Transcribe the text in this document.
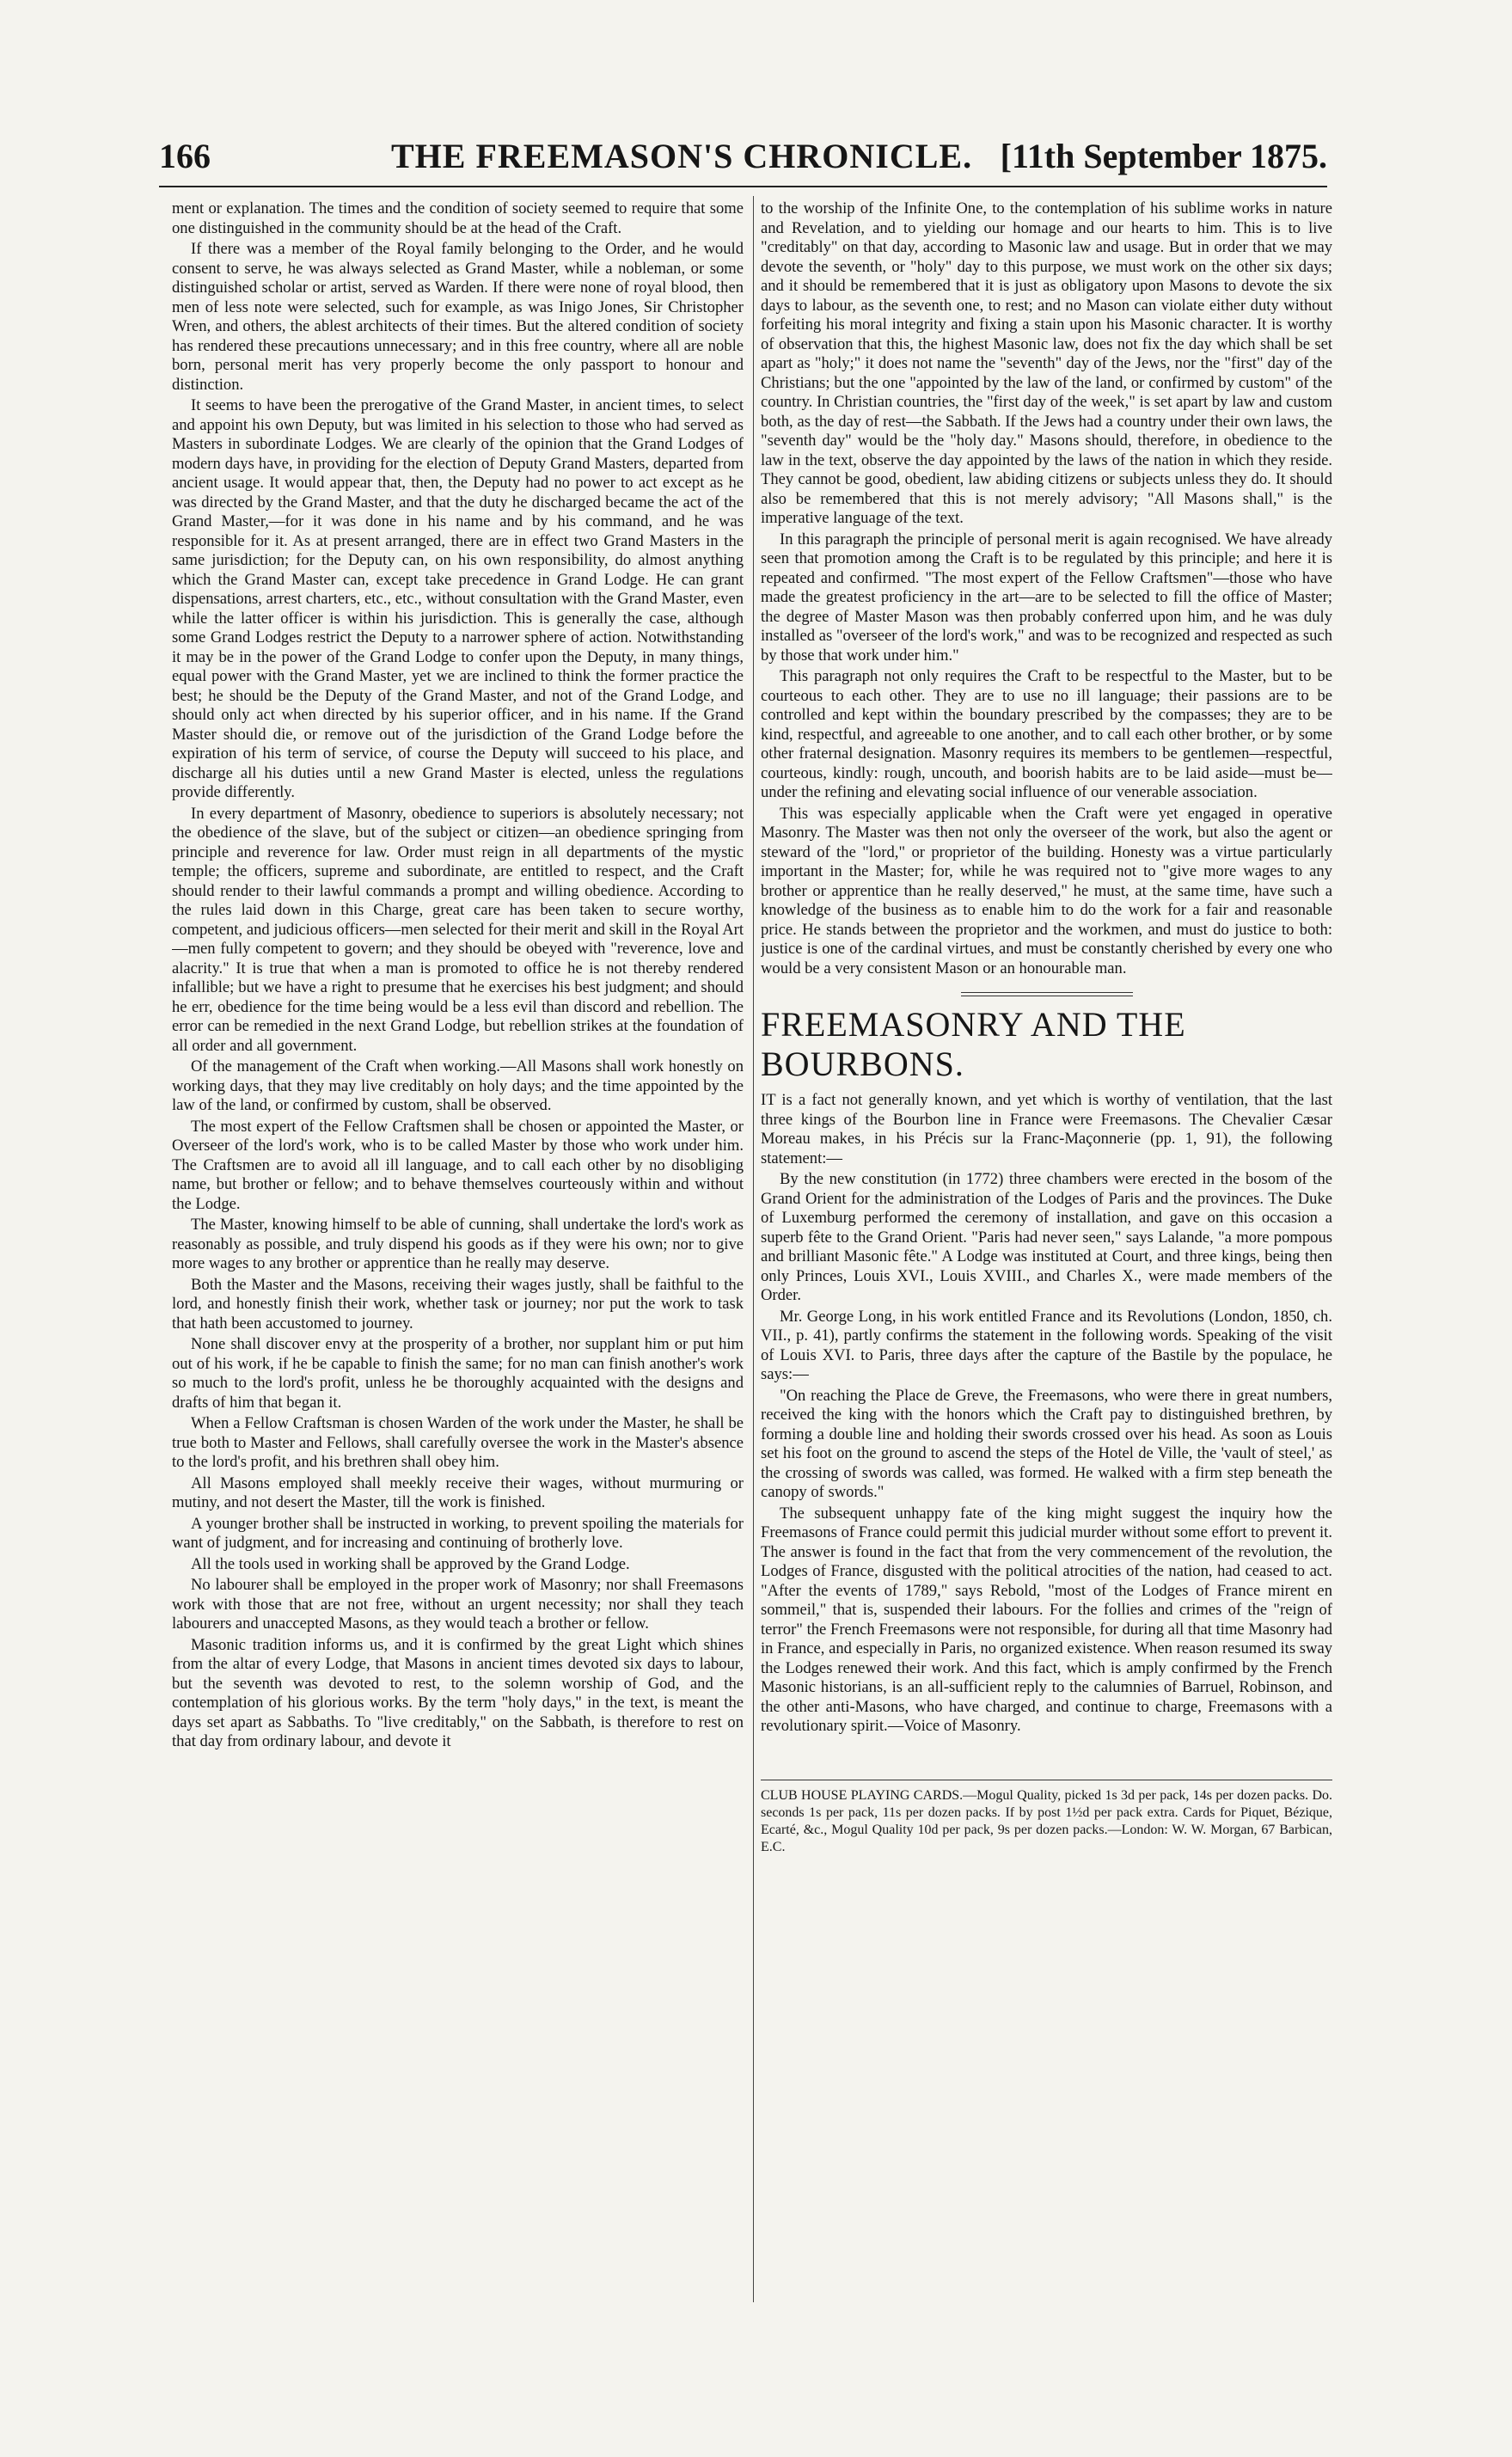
166	THE FREEMASON'S CHRONICLE. [11th September 1875.

ment or explanation. The times and the condition of society seemed to require that some one distinguished in the community should be at the head of the Craft.

If there was a member of the Royal family belonging to the Order, and he would consent to serve, he was always selected as Grand Master, while a nobleman, or some distinguished scholar or artist, served as Warden. If there were none of royal blood, then men of less note were selected, such for example, as was Inigo Jones, Sir Christopher Wren, and others, the ablest architects of their times. But the altered condition of society has rendered these precautions unnecessary; and in this free country, where all are noble born, personal merit has very properly become the only passport to honour and distinction.

It seems to have been the prerogative of the Grand Master, in ancient times, to select and appoint his own Deputy, but was limited in his selection to those who had served as Masters in subordinate Lodges. We are clearly of the opinion that the Grand Lodges of modern days have, in providing for the election of Deputy Grand Masters, departed from ancient usage. It would appear that, then, the Deputy had no power to act except as he was directed by the Grand Master, and that the duty he discharged became the act of the Grand Master,—for it was done in his name and by his command, and he was responsible for it. As at present arranged, there are in effect two Grand Masters in the same jurisdiction; for the Deputy can, on his own responsibility, do almost anything which the Grand Master can, except take precedence in Grand Lodge. He can grant dispensations, arrest charters, etc., etc., without consultation with the Grand Master, even while the latter officer is within his jurisdiction. This is generally the case, although some Grand Lodges restrict the Deputy to a narrower sphere of action. Notwithstanding it may be in the power of the Grand Lodge to confer upon the Deputy, in many things, equal power with the Grand Master, yet we are inclined to think the former practice the best; he should be the Deputy of the Grand Master, and not of the Grand Lodge, and should only act when directed by his superior officer, and in his name. If the Grand Master should die, or remove out of the jurisdiction of the Grand Lodge before the expiration of his term of service, of course the Deputy will succeed to his place, and discharge all his duties until a new Grand Master is elected, unless the regulations provide differently.

In every department of Masonry, obedience to superiors is absolutely necessary; not the obedience of the slave, but of the subject or citizen—an obedience springing from principle and reverence for law. Order must reign in all departments of the mystic temple; the officers, supreme and subordinate, are entitled to respect, and the Craft should render to their lawful commands a prompt and willing obedience. According to the rules laid down in this Charge, great care has been taken to secure worthy, competent, and judicious officers—men selected for their merit and skill in the Royal Art—men fully competent to govern; and they should be obeyed with "reverence, love and alacrity." It is true that when a man is promoted to office he is not thereby rendered infallible; but we have a right to presume that he exercises his best judgment; and should he err, obedience for the time being would be a less evil than discord and rebellion. The error can be remedied in the next Grand Lodge, but rebellion strikes at the foundation of all order and all government.

Of the management of the Craft when working.—All Masons shall work honestly on working days, that they may live creditably on holy days; and the time appointed by the law of the land, or confirmed by custom, shall be observed.

The most expert of the Fellow Craftsmen shall be chosen or appointed the Master, or Overseer of the lord's work, who is to be called Master by those who work under him. The Craftsmen are to avoid all ill language, and to call each other by no disobliging name, but brother or fellow; and to behave themselves courteously within and without the Lodge.

The Master, knowing himself to be able of cunning, shall undertake the lord's work as reasonably as possible, and truly dispend his goods as if they were his own; nor to give more wages to any brother or apprentice than he really may deserve.

Both the Master and the Masons, receiving their wages justly, shall be faithful to the lord, and honestly finish their work, whether task or journey; nor put the work to task that hath been accustomed to journey.

None shall discover envy at the prosperity of a brother, nor supplant him or put him out of his work, if he be capable to finish the same; for no man can finish another's work so much to the lord's profit, unless he be thoroughly acquainted with the designs and drafts of him that began it.

When a Fellow Craftsman is chosen Warden of the work under the Master, he shall be true both to Master and Fellows, shall carefully oversee the work in the Master's absence to the lord's profit, and his brethren shall obey him.

All Masons employed shall meekly receive their wages, without murmuring or mutiny, and not desert the Master, till the work is finished.

A younger brother shall be instructed in working, to prevent spoiling the materials for want of judgment, and for increasing and continuing of brotherly love.

All the tools used in working shall be approved by the Grand Lodge.

No labourer shall be employed in the proper work of Masonry; nor shall Freemasons work with those that are not free, without an urgent necessity; nor shall they teach labourers and unaccepted Masons, as they would teach a brother or fellow.

Masonic tradition informs us, and it is confirmed by the great Light which shines from the altar of every Lodge, that Masons in ancient times devoted six days to labour, but the seventh was devoted to rest, to the solemn worship of God, and the contemplation of his glorious works. By the term "holy days," in the text, is meant the days set apart as Sabbaths. To "live creditably," on the Sabbath, is therefore to rest on that day from ordinary labour, and devote it

to the worship of the Infinite One, to the contemplation of his sublime works in nature and Revelation, and to yielding our homage and our hearts to him. This is to live "creditably" on that day, according to Masonic law and usage. But in order that we may devote the seventh, or "holy" day to this purpose, we must work on the other six days; and it should be remembered that it is just as obligatory upon Masons to devote the six days to labour, as the seventh one, to rest; and no Mason can violate either duty without forfeiting his moral integrity and fixing a stain upon his Masonic character. It is worthy of observation that this, the highest Masonic law, does not fix the day which shall be set apart as "holy;" it does not name the "seventh" day of the Jews, nor the "first" day of the Christians; but the one "appointed by the law of the land, or confirmed by custom" of the country. In Christian countries, the "first day of the week," is set apart by law and custom both, as the day of rest—the Sabbath. If the Jews had a country under their own laws, the "seventh day" would be the "holy day." Masons should, therefore, in obedience to the law in the text, observe the day appointed by the laws of the nation in which they reside. They cannot be good, obedient, law abiding citizens or subjects unless they do. It should also be remembered that this is not merely advisory; "All Masons shall," is the imperative language of the text.

In this paragraph the principle of personal merit is again recognised. We have already seen that promotion among the Craft is to be regulated by this principle; and here it is repeated and confirmed. "The most expert of the Fellow Craftsmen"—those who have made the greatest proficiency in the art—are to be selected to fill the office of Master; the degree of Master Mason was then probably conferred upon him, and he was duly installed as "overseer of the lord's work," and was to be recognized and respected as such by those that work under him."

This paragraph not only requires the Craft to be respectful to the Master, but to be courteous to each other. They are to use no ill language; their passions are to be controlled and kept within the boundary prescribed by the compasses; they are to be kind, respectful, and agreeable to one another, and to call each other brother, or by some other fraternal designation. Masonry requires its members to be gentlemen—respectful, courteous, kindly: rough, uncouth, and boorish habits are to be laid aside—must be—under the refining and elevating social influence of our venerable association.

This was especially applicable when the Craft were yet engaged in operative Masonry. The Master was then not only the overseer of the work, but also the agent or steward of the "lord," or proprietor of the building. Honesty was a virtue particularly important in the Master; for, while he was required not to "give more wages to any brother or apprentice than he really deserved," he must, at the same time, have such a knowledge of the business as to enable him to do the work for a fair and reasonable price. He stands between the proprietor and the workmen, and must do justice to both: justice is one of the cardinal virtues, and must be constantly cherished by every one who would be a very consistent Mason or an honourable man.

FREEMASONRY AND THE BOURBONS.

IT is a fact not generally known, and yet which is worthy of ventilation, that the last three kings of the Bourbon line in France were Freemasons. The Chevalier Cæsar Moreau makes, in his Précis sur la Franc-Maçonnerie (pp. 1, 91), the following statement:—

By the new constitution (in 1772) three chambers were erected in the bosom of the Grand Orient for the administration of the Lodges of Paris and the provinces. The Duke of Luxemburg performed the ceremony of installation, and gave on this occasion a superb fête to the Grand Orient. "Paris had never seen," says Lalande, "a more pompous and brilliant Masonic fête." A Lodge was instituted at Court, and three kings, being then only Princes, Louis XVI., Louis XVIII., and Charles X., were made members of the Order.

Mr. George Long, in his work entitled France and its Revolutions (London, 1850, ch. VII., p. 41), partly confirms the statement in the following words. Speaking of the visit of Louis XVI. to Paris, three days after the capture of the Bastile by the populace, he says:—

"On reaching the Place de Greve, the Freemasons, who were there in great numbers, received the king with the honors which the Craft pay to distinguished brethren, by forming a double line and holding their swords crossed over his head. As soon as Louis set his foot on the ground to ascend the steps of the Hotel de Ville, the 'vault of steel,' as the crossing of swords was called, was formed. He walked with a firm step beneath the canopy of swords."

The subsequent unhappy fate of the king might suggest the inquiry how the Freemasons of France could permit this judicial murder without some effort to prevent it. The answer is found in the fact that from the very commencement of the revolution, the Lodges of France, disgusted with the political atrocities of the nation, had ceased to act. "After the events of 1789," says Rebold, "most of the Lodges of France mirent en sommeil," that is, suspended their labours. For the follies and crimes of the "reign of terror" the French Freemasons were not responsible, for during all that time Masonry had in France, and especially in Paris, no organized existence. When reason resumed its sway the Lodges renewed their work. And this fact, which is amply confirmed by the French Masonic historians, is an all-sufficient reply to the calumnies of Barruel, Robinson, and the other anti-Masons, who have charged, and continue to charge, Freemasons with a revolutionary spirit.—Voice of Masonry.

CLUB HOUSE PLAYING CARDS.—Mogul Quality, picked 1s 3d per pack, 14s per dozen packs. Do. seconds 1s per pack, 11s per dozen packs. If by post 1½d per pack extra. Cards for Piquet, Bézique, Ecarté, &c., Mogul Quality 10d per pack, 9s per dozen packs.—London: W. W. Morgan, 67 Barbican, E.C.
